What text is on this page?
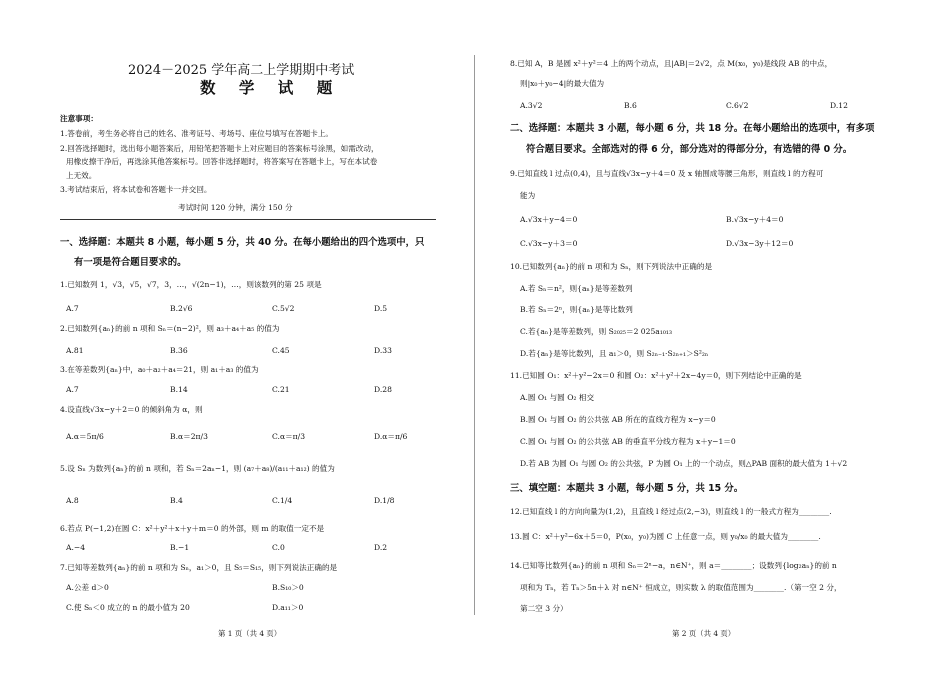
2024－2025 学年高二上学期期中考试
数 学 试 题
注意事项：
1.答卷前，考生务必将自己的姓名、准考证号、考场号、座位号填写在答题卡上。
2.回答选择题时，选出每小题答案后，用铅笔把答题卡上对应题目的答案标号涂黑，如需改动，
用橡皮擦干净后，再选涂其他答案标号。回答非选择题时，将答案写在答题卡上，写在本试卷
上无效。
3.考试结束后，将本试卷和答题卡一并交回。
考试时间 120 分钟，满分 150 分
一、选择题：本题共 8 小题，每小题 5 分，共 40 分。在每小题给出的四个选项中，只
有一项是符合题目要求的。
1.已知数列 1，√3，√5，√7，3，…，√(2n−1)，…，则该数列的第 25 项是
A.7	B.2√6	C.5√2	D.5
2.已知数列{aₙ}的前 n 项和 Sₙ＝(n−2)²，则 a₃＋a₄＋a₅ 的值为
A.81	B.36	C.45	D.33
3.在等差数列{aₙ}中，a₀＋a₂＋a₄＝21，则 a₁＋a₃ 的值为
A.7	B.14	C.21	D.28
4.设直线√3x−y＋2＝0 的倾斜角为 α，则
A.α＝5π/6	B.α＝2π/3	C.α＝π/3	D.α＝π/6
5.设 Sₙ 为数列{aₙ}的前 n 项和，若 Sₙ＝2aₙ−1，则 (a₇＋a₈)/(a₁₁＋a₁₂) 的值为
A.8	B.4	C.1/4	D.1/8
6.若点 P(−1,2)在圆 C：x²＋y²＋x＋y＋m＝0 的外部，则 m 的取值一定不是
A.−4	B.−1	C.0	D.2
7.已知等差数列{aₙ}的前 n 项和为 Sₙ，a₁＞0，且 S₅＝S₁₅，则下列说法正确的是
A.公差 d＞0	B.S₁₀＞0
C.使 Sₙ＜0 成立的 n 的最小值为 20	D.a₁₁＞0
第 1 页（共 4 页）
8.已知 A，B 是圆 x²＋y²＝4 上的两个动点，且|AB|＝2√2，点 M(x₀，y₀)是线段 AB 的中点，
则|x₀＋y₀−4|的最大值为
A.3√2	B.6	C.6√2	D.12
二、选择题：本题共 3 小题，每小题 6 分，共 18 分。在每小题给出的选项中，有多项
符合题目要求。全部选对的得 6 分，部分选对的得部分分，有选错的得 0 分。
9.已知直线 l 过点(0,4)，且与直线√3x−y＋4＝0 及 x 轴围成等腰三角形，则直线 l 的方程可
能为
A.√3x＋y−4＝0	B.√3x−y＋4＝0
C.√3x−y＋3＝0	D.√3x−3y＋12＝0
10.已知数列{aₙ}的前 n 项和为 Sₙ，则下列说法中正确的是
A.若 Sₙ＝n²，则{aₙ}是等差数列
B.若 Sₙ＝2ⁿ，则{aₙ}是等比数列
C.若{aₙ}是等差数列，则 S₂₀₂₅＝2 025a₁₀₁₃
D.若{aₙ}是等比数列，且 a₁＞0，则 S₂ₙ₋₁·S₂ₙ₊₁＞S²₂ₙ
11.已知圆 O₁：x²＋y²−2x＝0 和圆 O₂：x²＋y²＋2x−4y＝0，则下列结论中正确的是
A.圆 O₁ 与圆 O₂ 相交
B.圆 O₁ 与圆 O₂ 的公共弦 AB 所在的直线方程为 x−y＝0
C.圆 O₁ 与圆 O₂ 的公共弦 AB 的垂直平分线方程为 x＋y−1＝0
D.若 AB 为圆 O₁ 与圆 O₂ 的公共弦，P 为圆 O₁ 上的一个动点，则△PAB 面积的最大值为 1＋√2
三、填空题：本题共 3 小题，每小题 5 分，共 15 分。
12.已知直线 l 的方向向量为(1,2)，且直线 l 经过点(2,−3)，则直线 l 的一般式方程为________.
13.圆 C：x²＋y²−6x＋5＝0，P(x₀，y₀)为圆 C 上任意一点，则 y₀/x₀ 的最大值为________.
14.已知等比数列{aₙ}的前 n 项和 Sₙ＝2ⁿ−a，n∈N⁺，则 a＝________；设数列{log₂aₙ}的前 n
项和为 Tₙ，若 Tₙ＞5n＋λ 对 n∈N⁺ 恒成立，则实数 λ 的取值范围为________.（第一空 2 分，
第二空 3 分）
第 2 页（共 4 页）
